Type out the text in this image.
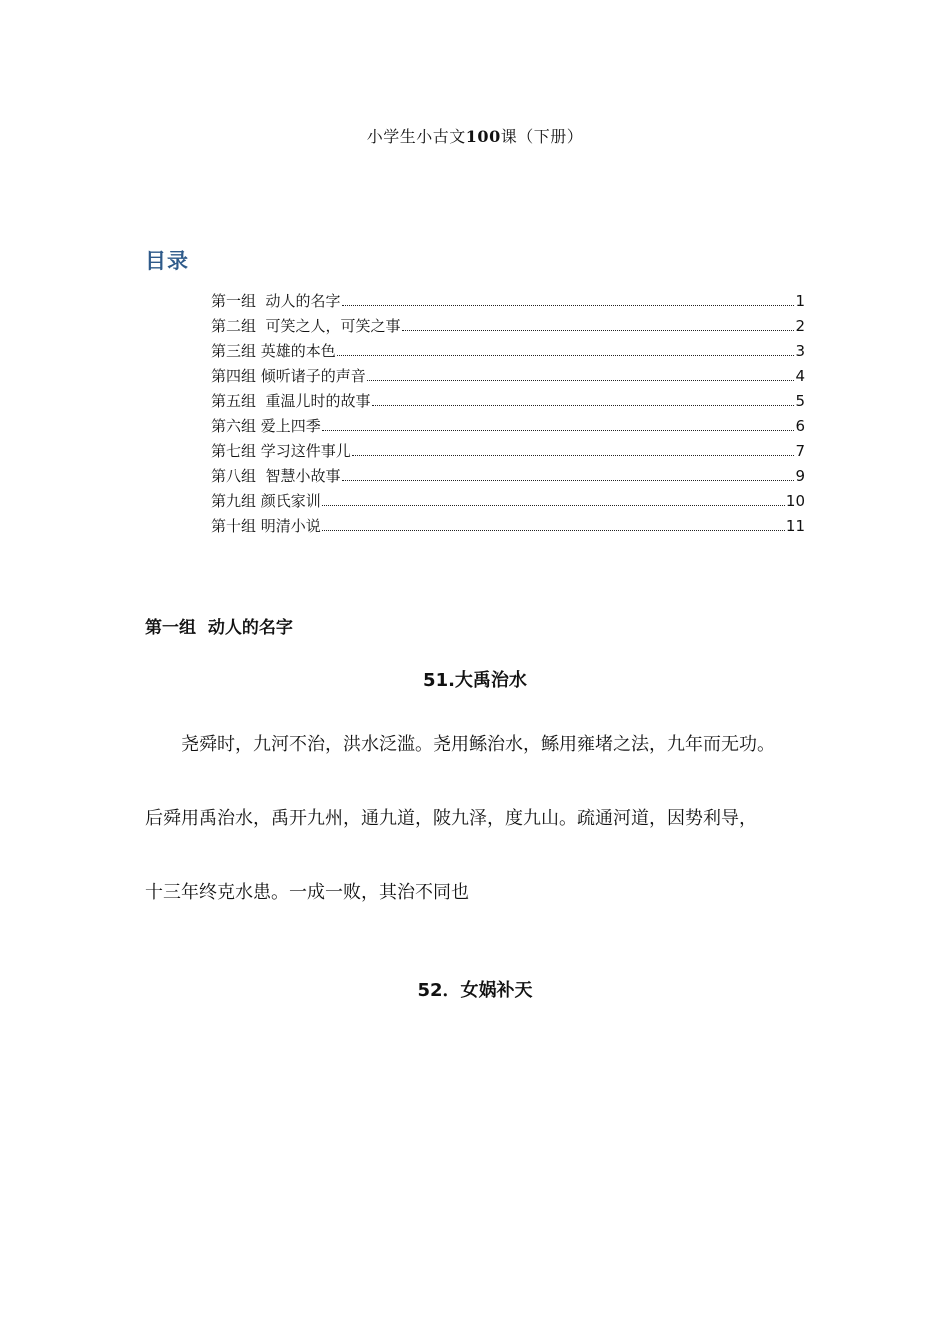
小学生小古文100课（下册）
目录
第一组  动人的名字	1
第二组  可笑之人，可笑之事	2
第三组 英雄的本色	3
第四组 倾听诸子的声音	4
第五组  重温儿时的故事	5
第六组 爱上四季	6
第七组 学习这件事儿	7
第八组  智慧小故事	9
第九组 颜氏家训	10
第十组 明清小说	11
第一组  动人的名字
51.大禹治水
尧舜时，九河不治，洪水泛滥。尧用鲧治水，鲧用雍堵之法，九年而无功。
后舜用禹治水，禹开九州，通九道，陂九泽，度九山。疏通河道，因势利导，
十三年终克水患。一成一败，其治不同也
52．女娲补天
